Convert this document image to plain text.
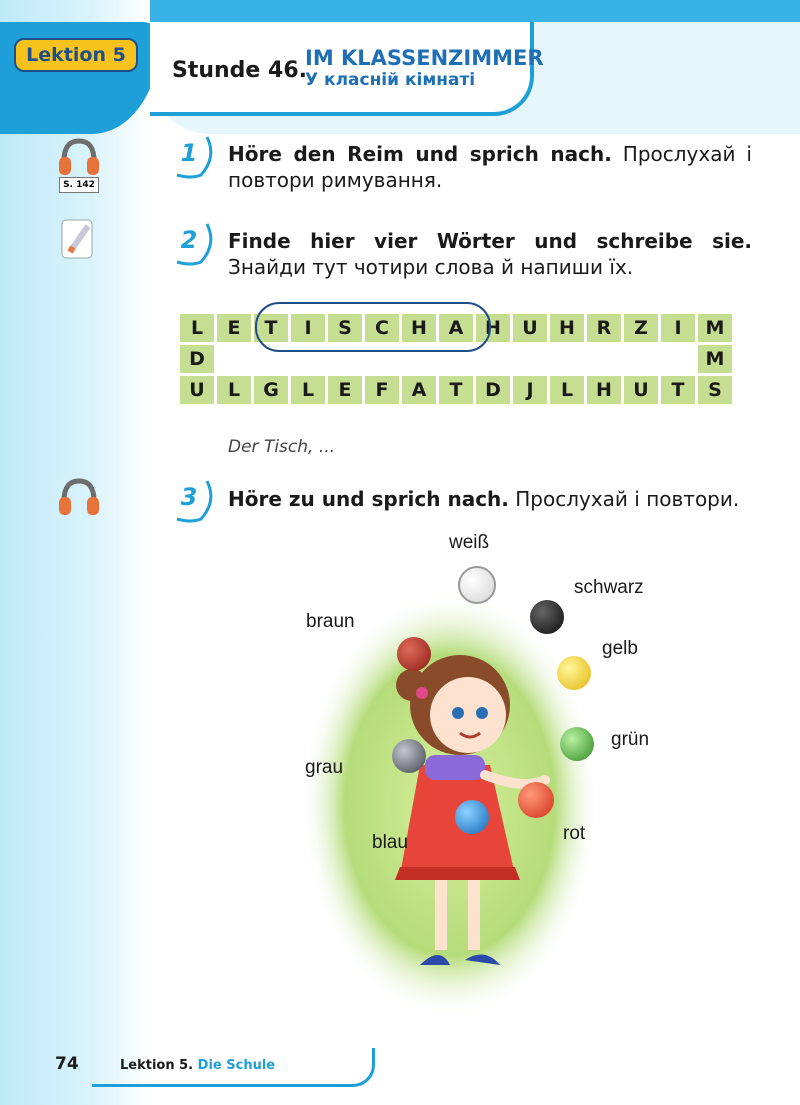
Lektion 5
Stunde 46.
IM KLASSENZIMMER
У класній кімнаті
S. 142
1	Höre den Reim und sprich nach. Прослухай і повтори римування.
2	Finde hier vier Wörter und schreibe sie. Знайди тут чотири слова й напиши їх.
L	E	T	I	S	C	H	A	H	U	H	R	Z	I	M
D														M
U	L	G	L	E	F	A	T	D	J	L	H	U	T	S
Der Tisch, ...
3	Höre zu und sprich nach. Прослухай і повтори.
weiß
schwarz
braun
gelb
grau
grün
blau	rot
74	Lektion 5. Die Schule
